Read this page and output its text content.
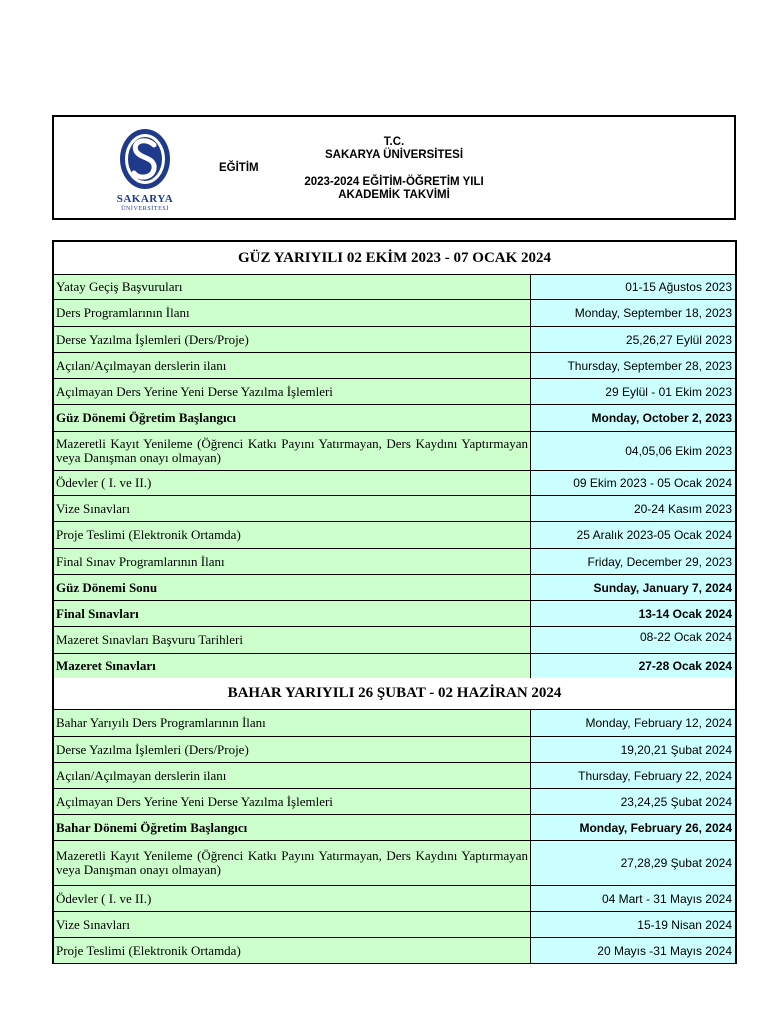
SAKARYA
ÜNİVERSİTESİ
EĞİTİM
T.C.
SAKARYA ÜNİVERSİTESİ
2023-2024 EĞİTİM-ÖĞRETİM YILI
AKADEMİK TAKVİMİ
GÜZ YARIYILI 02 EKİM 2023 - 07 OCAK 2024
Yatay Geçiş Başvuruları	01-15 Ağustos 2023
Ders Programlarının İlanı	Monday, September 18, 2023
Derse Yazılma İşlemleri (Ders/Proje)	25,26,27 Eylül 2023
Açılan/Açılmayan derslerin ilanı	Thursday, September 28, 2023
Açılmayan Ders Yerine Yeni Derse Yazılma İşlemleri	29 Eylül - 01 Ekim 2023
Güz Dönemi Öğretim Başlangıcı	Monday, October 2, 2023
Mazeretli Kayıt Yenileme (Öğrenci Katkı Payını Yatırmayan, Ders Kaydını Yaptırmayan veya Danışman onayı olmayan)	04,05,06 Ekim 2023
Ödevler ( I. ve II.)	09 Ekim 2023 - 05 Ocak 2024
Vize Sınavları	20-24 Kasım 2023
Proje Teslimi (Elektronik Ortamda)	25 Aralık 2023-05 Ocak 2024
Final Sınav Programlarının İlanı	Friday, December 29, 2023
Güz Dönemi Sonu	Sunday, January 7, 2024
Final Sınavları	13-14 Ocak 2024
Mazeret Sınavları Başvuru Tarihleri	08-22 Ocak 2024
Mazeret Sınavları	27-28 Ocak 2024
BAHAR YARIYILI 26 ŞUBAT - 02 HAZİRAN 2024
Bahar Yarıyılı Ders Programlarının İlanı	Monday, February 12, 2024
Derse Yazılma İşlemleri (Ders/Proje)	19,20,21 Şubat 2024
Açılan/Açılmayan derslerin ilanı	Thursday, February 22, 2024
Açılmayan Ders Yerine Yeni Derse Yazılma İşlemleri	23,24,25 Şubat 2024
Bahar Dönemi Öğretim Başlangıcı	Monday, February 26, 2024
Mazeretli Kayıt Yenileme (Öğrenci Katkı Payını Yatırmayan, Ders Kaydını Yaptırmayan veya Danışman onayı olmayan)	27,28,29 Şubat 2024
Ödevler ( I. ve II.)	04 Mart - 31 Mayıs 2024
Vize Sınavları	15-19 Nisan 2024
Proje Teslimi (Elektronik Ortamda)	20 Mayıs -31 Mayıs 2024
